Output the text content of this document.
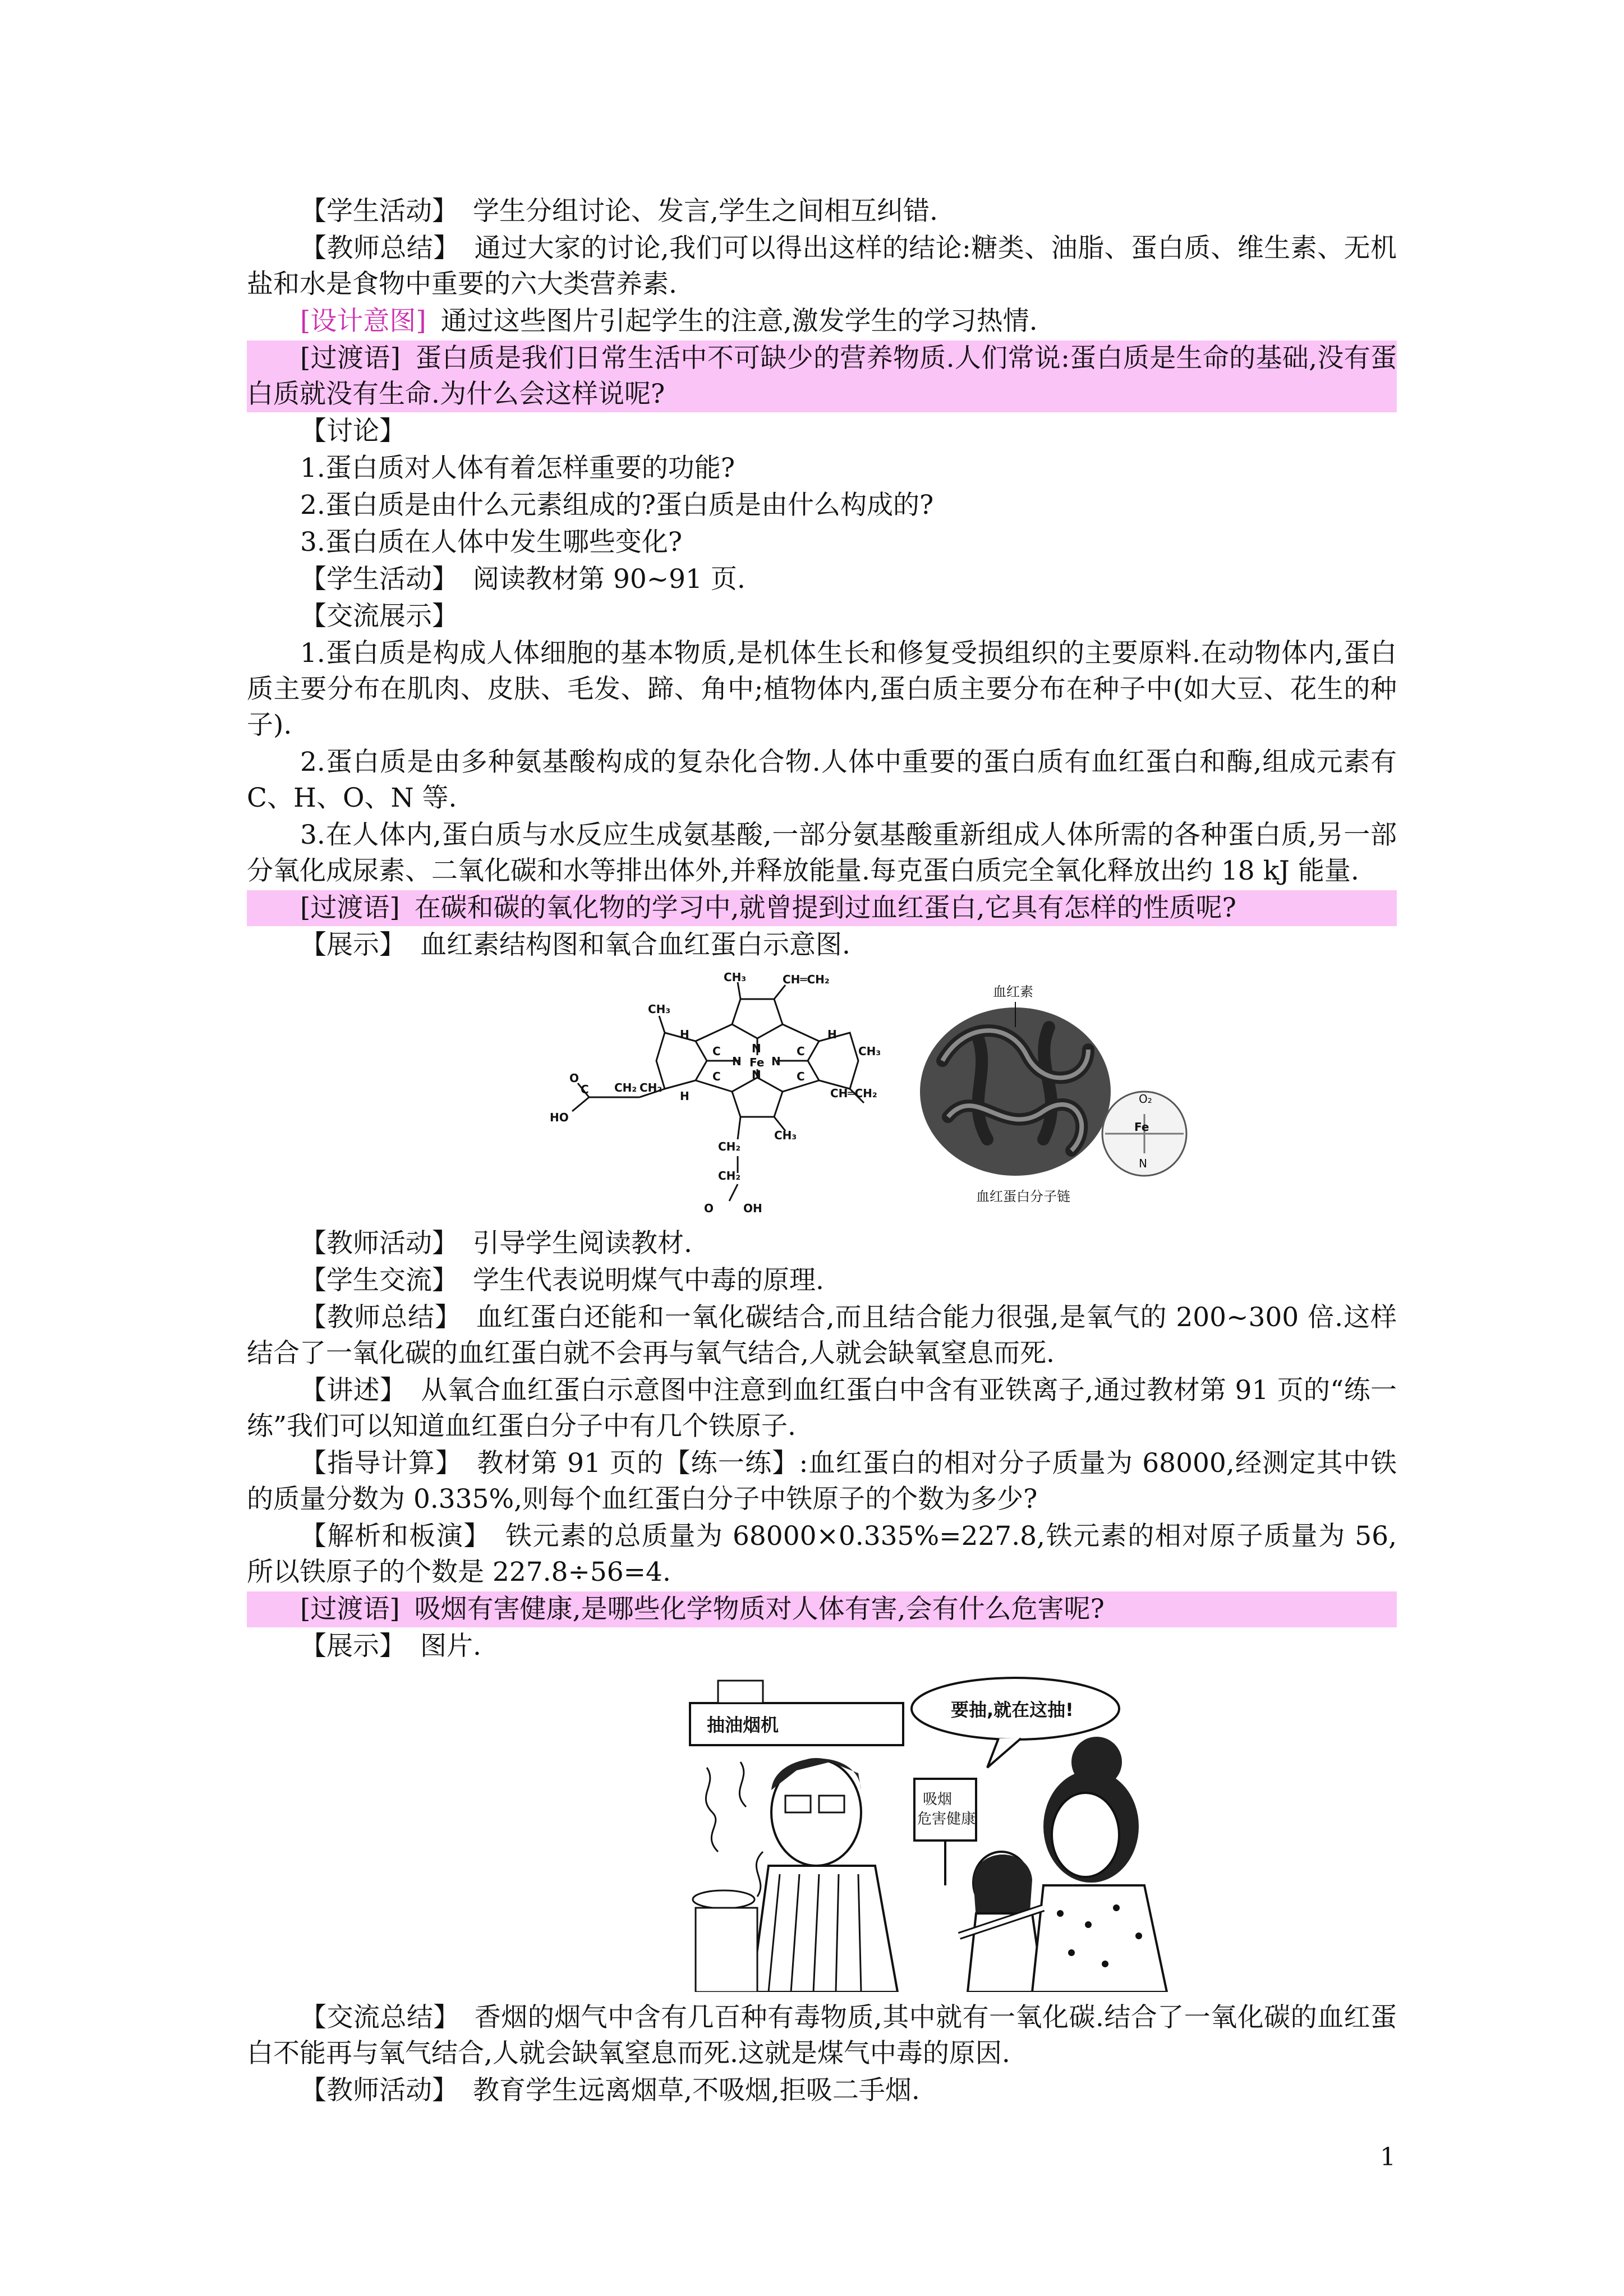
【学生活动】 学生分组讨论、发言,学生之间相互纠错.

【教师总结】 通过大家的讨论,我们可以得出这样的结论:糖类、油脂、蛋白质、维生素、无机盐和水是食物中重要的六大类营养素.

[设计意图] 通过这些图片引起学生的注意,激发学生的学习热情.

[过渡语] 蛋白质是我们日常生活中不可缺少的营养物质.人们常说:蛋白质是生命的基础,没有蛋白质就没有生命.为什么会这样说呢?

【讨论】

1.蛋白质对人体有着怎样重要的功能?

2.蛋白质是由什么元素组成的?蛋白质是由什么构成的?

3.蛋白质在人体中发生哪些变化?

【学生活动】 阅读教材第 90~91 页.

【交流展示】

1.蛋白质是构成人体细胞的基本物质,是机体生长和修复受损组织的主要原料.在动物体内,蛋白质主要分布在肌肉、皮肤、毛发、蹄、角中;植物体内,蛋白质主要分布在种子中(如大豆、花生的种子).

2.蛋白质是由多种氨基酸构成的复杂化合物.人体中重要的蛋白质有血红蛋白和酶,组成元素有 C、H、O、N 等.

3.在人体内,蛋白质与水反应生成氨基酸,一部分氨基酸重新组成人体所需的各种蛋白质,另一部分氧化成尿素、二氧化碳和水等排出体外,并释放能量.每克蛋白质完全氧化释放出约 18 kJ 能量.

[过渡语] 在碳和碳的氧化物的学习中,就曾提到过血红蛋白,它具有怎样的性质呢?

【展示】 血红素结构图和氧合血红蛋白示意图.

CH₃	CH═CH₂
CH₃
H
C
H
C	CH₃
N
N Fe N
N
C	C
CH═CH₂
H
CH₂ CH₂
C
O
HO
CH₃
CH₂
CH₂
O	OH
血红素
血红蛋白分子链
O₂
Fe
N

【教师活动】 引导学生阅读教材.

【学生交流】 学生代表说明煤气中毒的原理.

【教师总结】 血红蛋白还能和一氧化碳结合,而且结合能力很强,是氧气的 200~300 倍.这样结合了一氧化碳的血红蛋白就不会再与氧气结合,人就会缺氧窒息而死.

【讲述】 从氧合血红蛋白示意图中注意到血红蛋白中含有亚铁离子,通过教材第 91 页的“练一练”我们可以知道血红蛋白分子中有几个铁原子.

【指导计算】 教材第 91 页的【练一练】:血红蛋白的相对分子质量为 68000,经测定其中铁的质量分数为 0.335%,则每个血红蛋白分子中铁原子的个数为多少?

【解析和板演】 铁元素的总质量为 68000×0.335%=227.8,铁元素的相对原子质量为 56,所以铁原子的个数是 227.8÷56=4.

[过渡语] 吸烟有害健康,是哪些化学物质对人体有害,会有什么危害呢?

【展示】 图片.

抽油烟机
要抽,就在这抽!
吸烟
危害健康

【交流总结】 香烟的烟气中含有几百种有毒物质,其中就有一氧化碳.结合了一氧化碳的血红蛋白不能再与氧气结合,人就会缺氧窒息而死.这就是煤气中毒的原因.

【教师活动】 教育学生远离烟草,不吸烟,拒吸二手烟.

1
